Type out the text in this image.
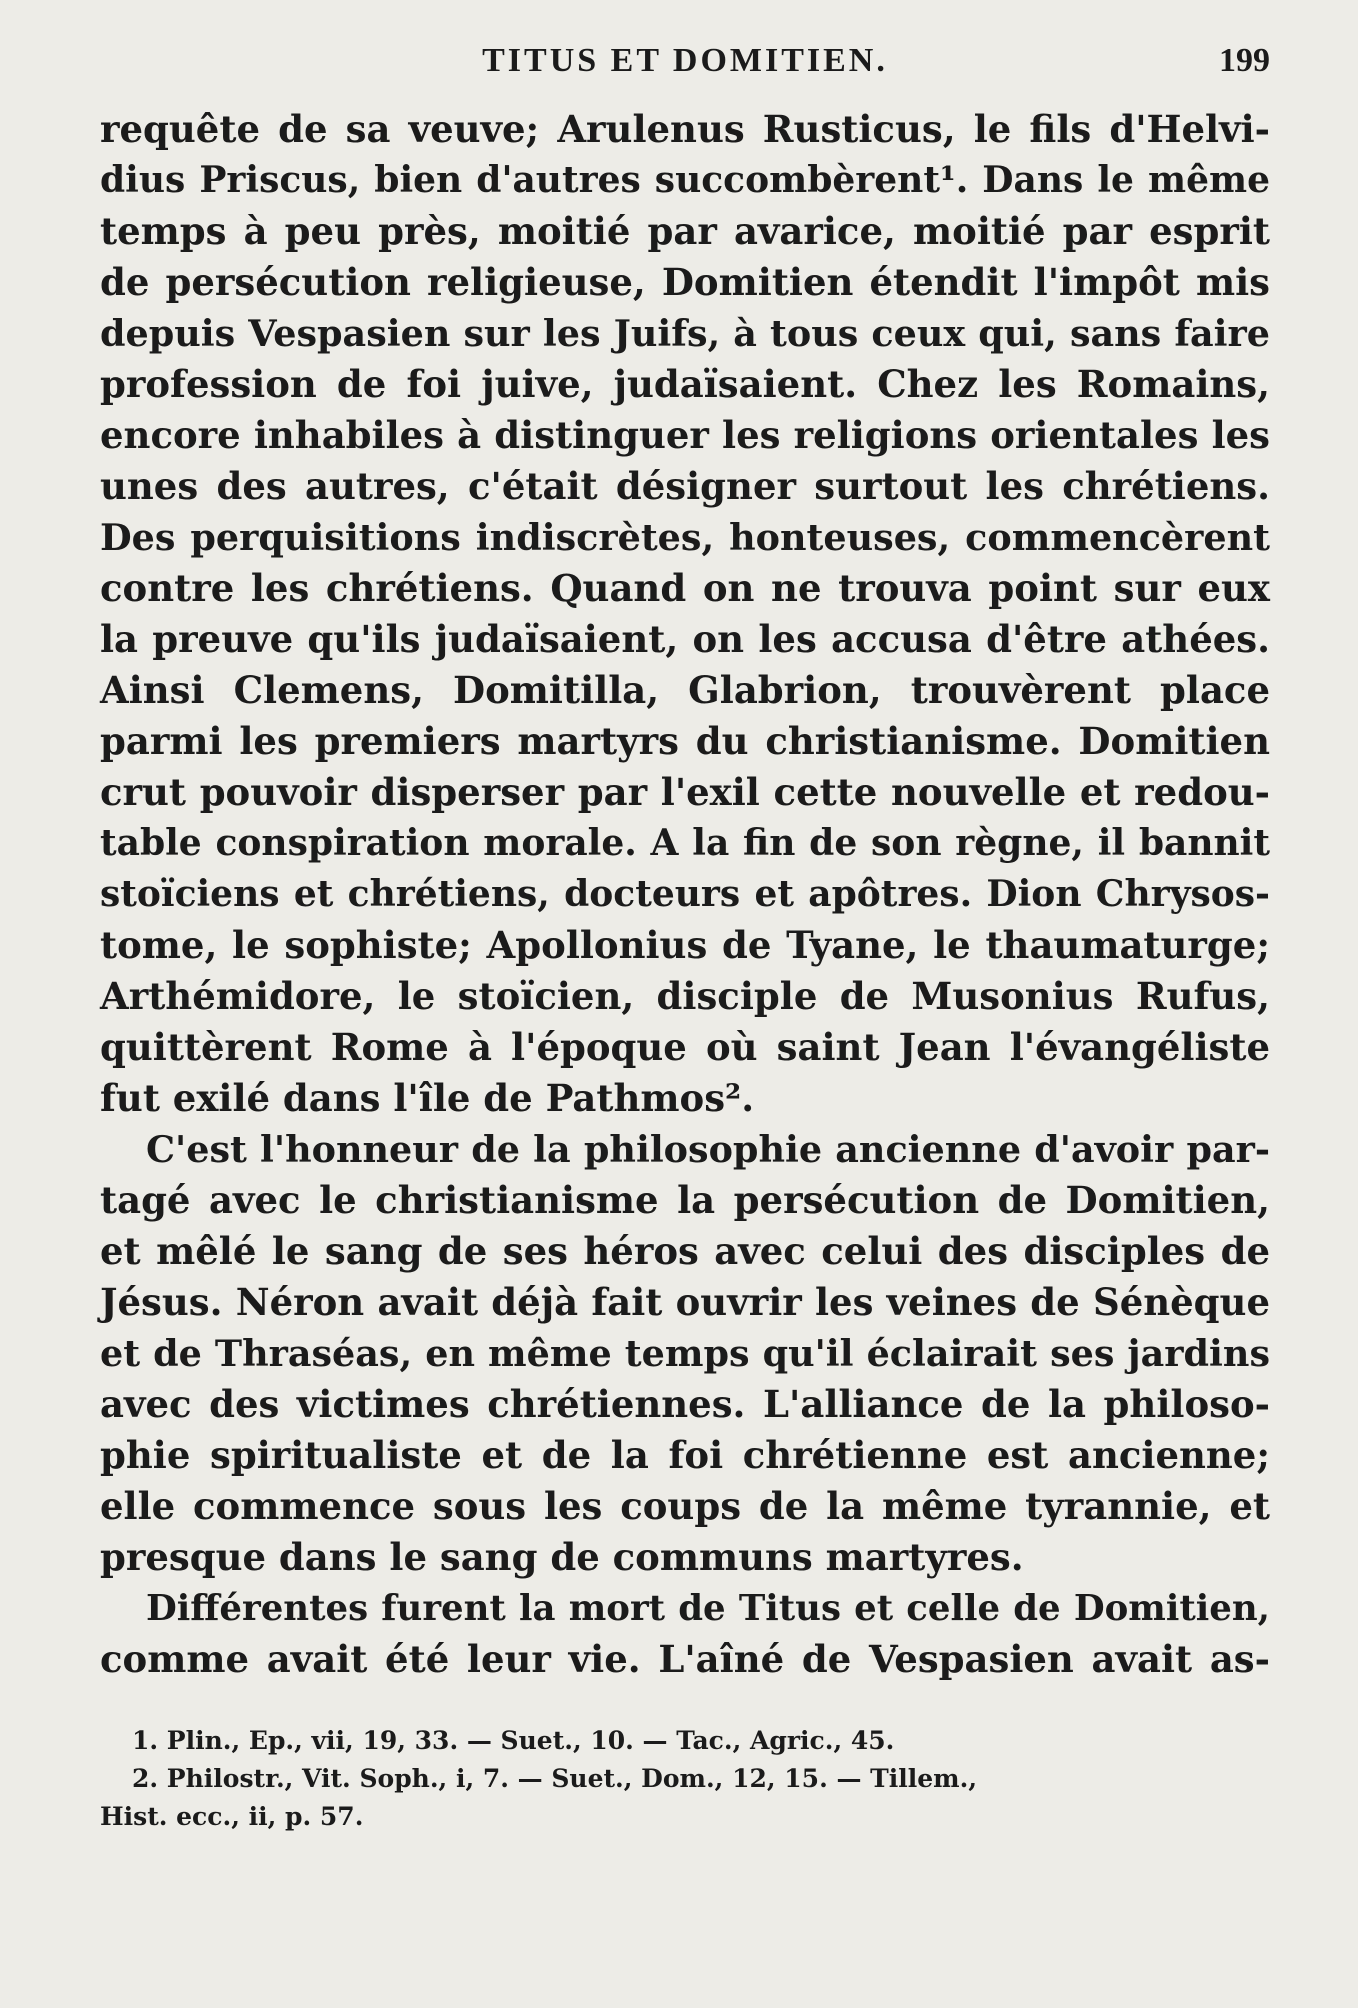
TITUS ET DOMITIEN.	199
requête de sa veuve; Arulenus Rusticus, le fils d'Helvi-
dius Priscus, bien d'autres succombèrent¹. Dans le même
temps à peu près, moitié par avarice, moitié par esprit
de persécution religieuse, Domitien étendit l'impôt mis
depuis Vespasien sur les Juifs, à tous ceux qui, sans faire
profession de foi juive, judaïsaient. Chez les Romains,
encore inhabiles à distinguer les religions orientales les
unes des autres, c'était désigner surtout les chrétiens.
Des perquisitions indiscrètes, honteuses, commencèrent
contre les chrétiens. Quand on ne trouva point sur eux
la preuve qu'ils judaïsaient, on les accusa d'être athées.
Ainsi Clemens, Domitilla, Glabrion, trouvèrent place
parmi les premiers martyrs du christianisme. Domitien
crut pouvoir disperser par l'exil cette nouvelle et redou-
table conspiration morale. A la fin de son règne, il bannit
stoïciens et chrétiens, docteurs et apôtres. Dion Chrysos-
tome, le sophiste; Apollonius de Tyane, le thaumaturge;
Arthémidore, le stoïcien, disciple de Musonius Rufus,
quittèrent Rome à l'époque où saint Jean l'évangéliste
fut exilé dans l'île de Pathmos².
C'est l'honneur de la philosophie ancienne d'avoir par-
tagé avec le christianisme la persécution de Domitien,
et mêlé le sang de ses héros avec celui des disciples de
Jésus. Néron avait déjà fait ouvrir les veines de Sénèque
et de Thraséas, en même temps qu'il éclairait ses jardins
avec des victimes chrétiennes. L'alliance de la philoso-
phie spiritualiste et de la foi chrétienne est ancienne;
elle commence sous les coups de la même tyrannie, et
presque dans le sang de communs martyres.
Différentes furent la mort de Titus et celle de Domitien,
comme avait été leur vie. L'aîné de Vespasien avait as-
1. Plin., Ep., vii, 19, 33. — Suet., 10. — Tac., Agric., 45.
2. Philostr., Vit. Soph., i, 7. — Suet., Dom., 12, 15. — Tillem.,
Hist. ecc., ii, p. 57.
